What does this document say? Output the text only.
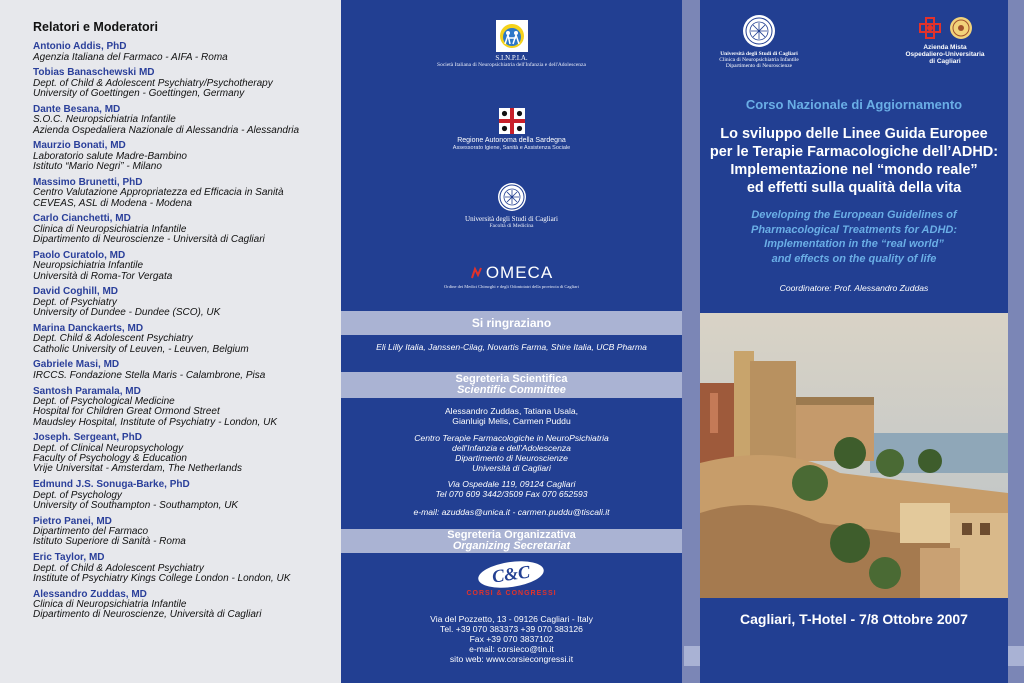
Relatori e Moderatori
Antonio Addis, PhD
Agenzia Italiana del Farmaco - AIFA - Roma
Tobias Banaschewski MD
Dept. of Child & Adolescent Psychiatry/Psychotherapy
University of Goettingen - Goettingen, Germany
Dante Besana, MD
S.O.C. Neuropsichiatria Infantile
Azienda Ospedaliera Nazionale di Alessandria - Alessandria
Maurzio Bonati, MD
Laboratorio salute Madre-Bambino
Istituto “Mario Negri” - Milano
Massimo Brunetti, PhD
Centro Valutazione Appropriatezza ed Efficacia in Sanità
CEVEAS, ASL di Modena - Modena
Carlo Cianchetti, MD
Clinica di Neuropsichiatria Infantile
Dipartimento di Neuroscienze - Università di Cagliari
Paolo Curatolo, MD
Neuropsichiatria Infantile
Università di Roma-Tor Vergata
David Coghill, MD
Dept. of Psychiatry
University of Dundee - Dundee (SCO), UK
Marina Danckaerts, MD
Dept. Child & Adolescent Psychiatry
Catholic University of Leuven, - Leuven, Belgium
Gabriele Masi, MD
IRCCS. Fondazione Stella Maris - Calambrone, Pisa
Santosh Paramala, MD
Dept. of Psychological Medicine
Hospital for Children Great Ormond Street
Maudsley Hospital, Institute of Psychiatry - London, UK
Joseph. Sergeant, PhD
Dept. of Clinical Neuropsychology
Faculty of Psychology & Education
Vrije Universitat - Amsterdam, The Netherlands
Edmund J.S. Sonuga-Barke, PhD
Dept. of Psychology
University of Southampton - Southampton, UK
Pietro Panei, MD
Dipartimento del Farmaco
Istituto Superiore di Sanità - Roma
Eric Taylor, MD
Dept. of Child & Adolescent Psychiatry
Institute of Psychiatry Kings College London - London, UK
Alessandro Zuddas, MD
Clinica di Neuropsichiatria Infantile
Dipartimento di Neuroscienze, Università di Cagliari
S.I.N.P.I.A.
Società Italiana di Neuropsichiatria dell'Infanzia e dell'Adolescenza
Regione Autonoma della Sardegna
Assessorato Igiene, Sanità e Assistenza Sociale
Università degli Studi di Cagliari
Facoltà di Medicina
OMECA
Ordine dei Medici Chirurghi e degli Odontoiatri della provincia di Cagliari
Si ringraziano
Eli Lilly Italia, Janssen-Cilag, Novartis Farma, Shire Italia, UCB Pharma
Segreteria Scientifica
Scientific Committee
Alessandro Zuddas, Tatiana Usala,
Gianluigi Melis, Carmen Puddu
Centro Terapie Farmacologiche in NeuroPsichiatria
dell'Infanzia e dell'Adolescenza
Dipartimento di Neuroscienze
Università di Cagliari
Via Ospedale 119, 09124 Cagliari
Tel 070 609 3442/3509 Fax 070 652593
e-mail: azuddas@unica.it - carmen.puddu@tiscali.it
Segreteria Organizzativa
Organizing Secretariat
C&C
CORSI & CONGRESSI
Via del Pozzetto, 13 - 09126 Cagliari - Italy
Tel. +39 070 383373 +39 070 383126
Fax +39 070 3837102
e-mail: corsieco@tin.it
sito web: www.corsiecongressi.it
Università degli Studi di Cagliari
Clinica di Neuropsichiatria Infantile
Dipartimento di Neuroscienze
Azienda Mista
Ospedaliero-Universitaria
di Cagliari
Corso Nazionale di Aggiornamento
Lo sviluppo delle Linee Guida Europee
per le Terapie Farmacologiche dell’ADHD:
Implementazione nel “mondo reale”
ed effetti sulla qualità della vita
Developing the European Guidelines of
Pharmacological Treatments for ADHD:
Implementation in the “real world”
and effects on the quality of life
Coordinatore: Prof. Alessandro Zuddas
Cagliari, T-Hotel - 7/8 Ottobre 2007
